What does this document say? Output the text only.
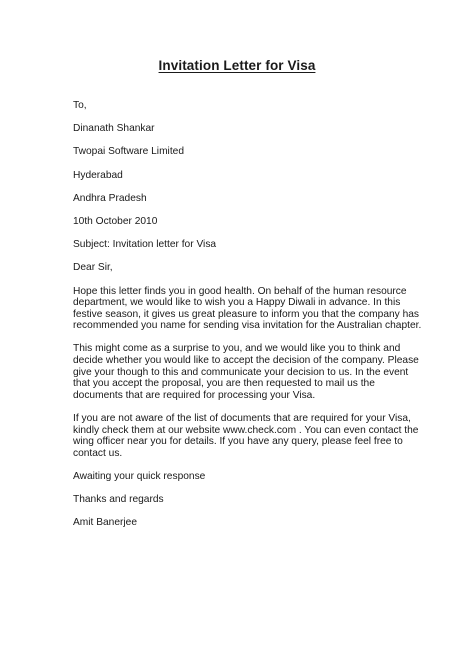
Invitation Letter for Visa
To,
Dinanath Shankar
Twopai Software Limited
Hyderabad
Andhra Pradesh
10th October 2010
Subject: Invitation letter for Visa
Dear Sir,
Hope this letter finds you in good health. On behalf of the human resource
department, we would like to wish you a Happy Diwali in advance. In this
festive season, it gives us great pleasure to inform you that the company has
recommended you name for sending visa invitation for the Australian chapter.
This might come as a surprise to you, and we would like you to think and
decide whether you would like to accept the decision of the company. Please
give your though to this and communicate your decision to us. In the event
that you accept the proposal, you are then requested to mail us the
documents that are required for processing your Visa.
If you are not aware of the list of documents that are required for your Visa,
kindly check them at our website www.check.com . You can even contact the
wing officer near you for details. If you have any query, please feel free to
contact us.
Awaiting your quick response
Thanks and regards
Amit Banerjee
